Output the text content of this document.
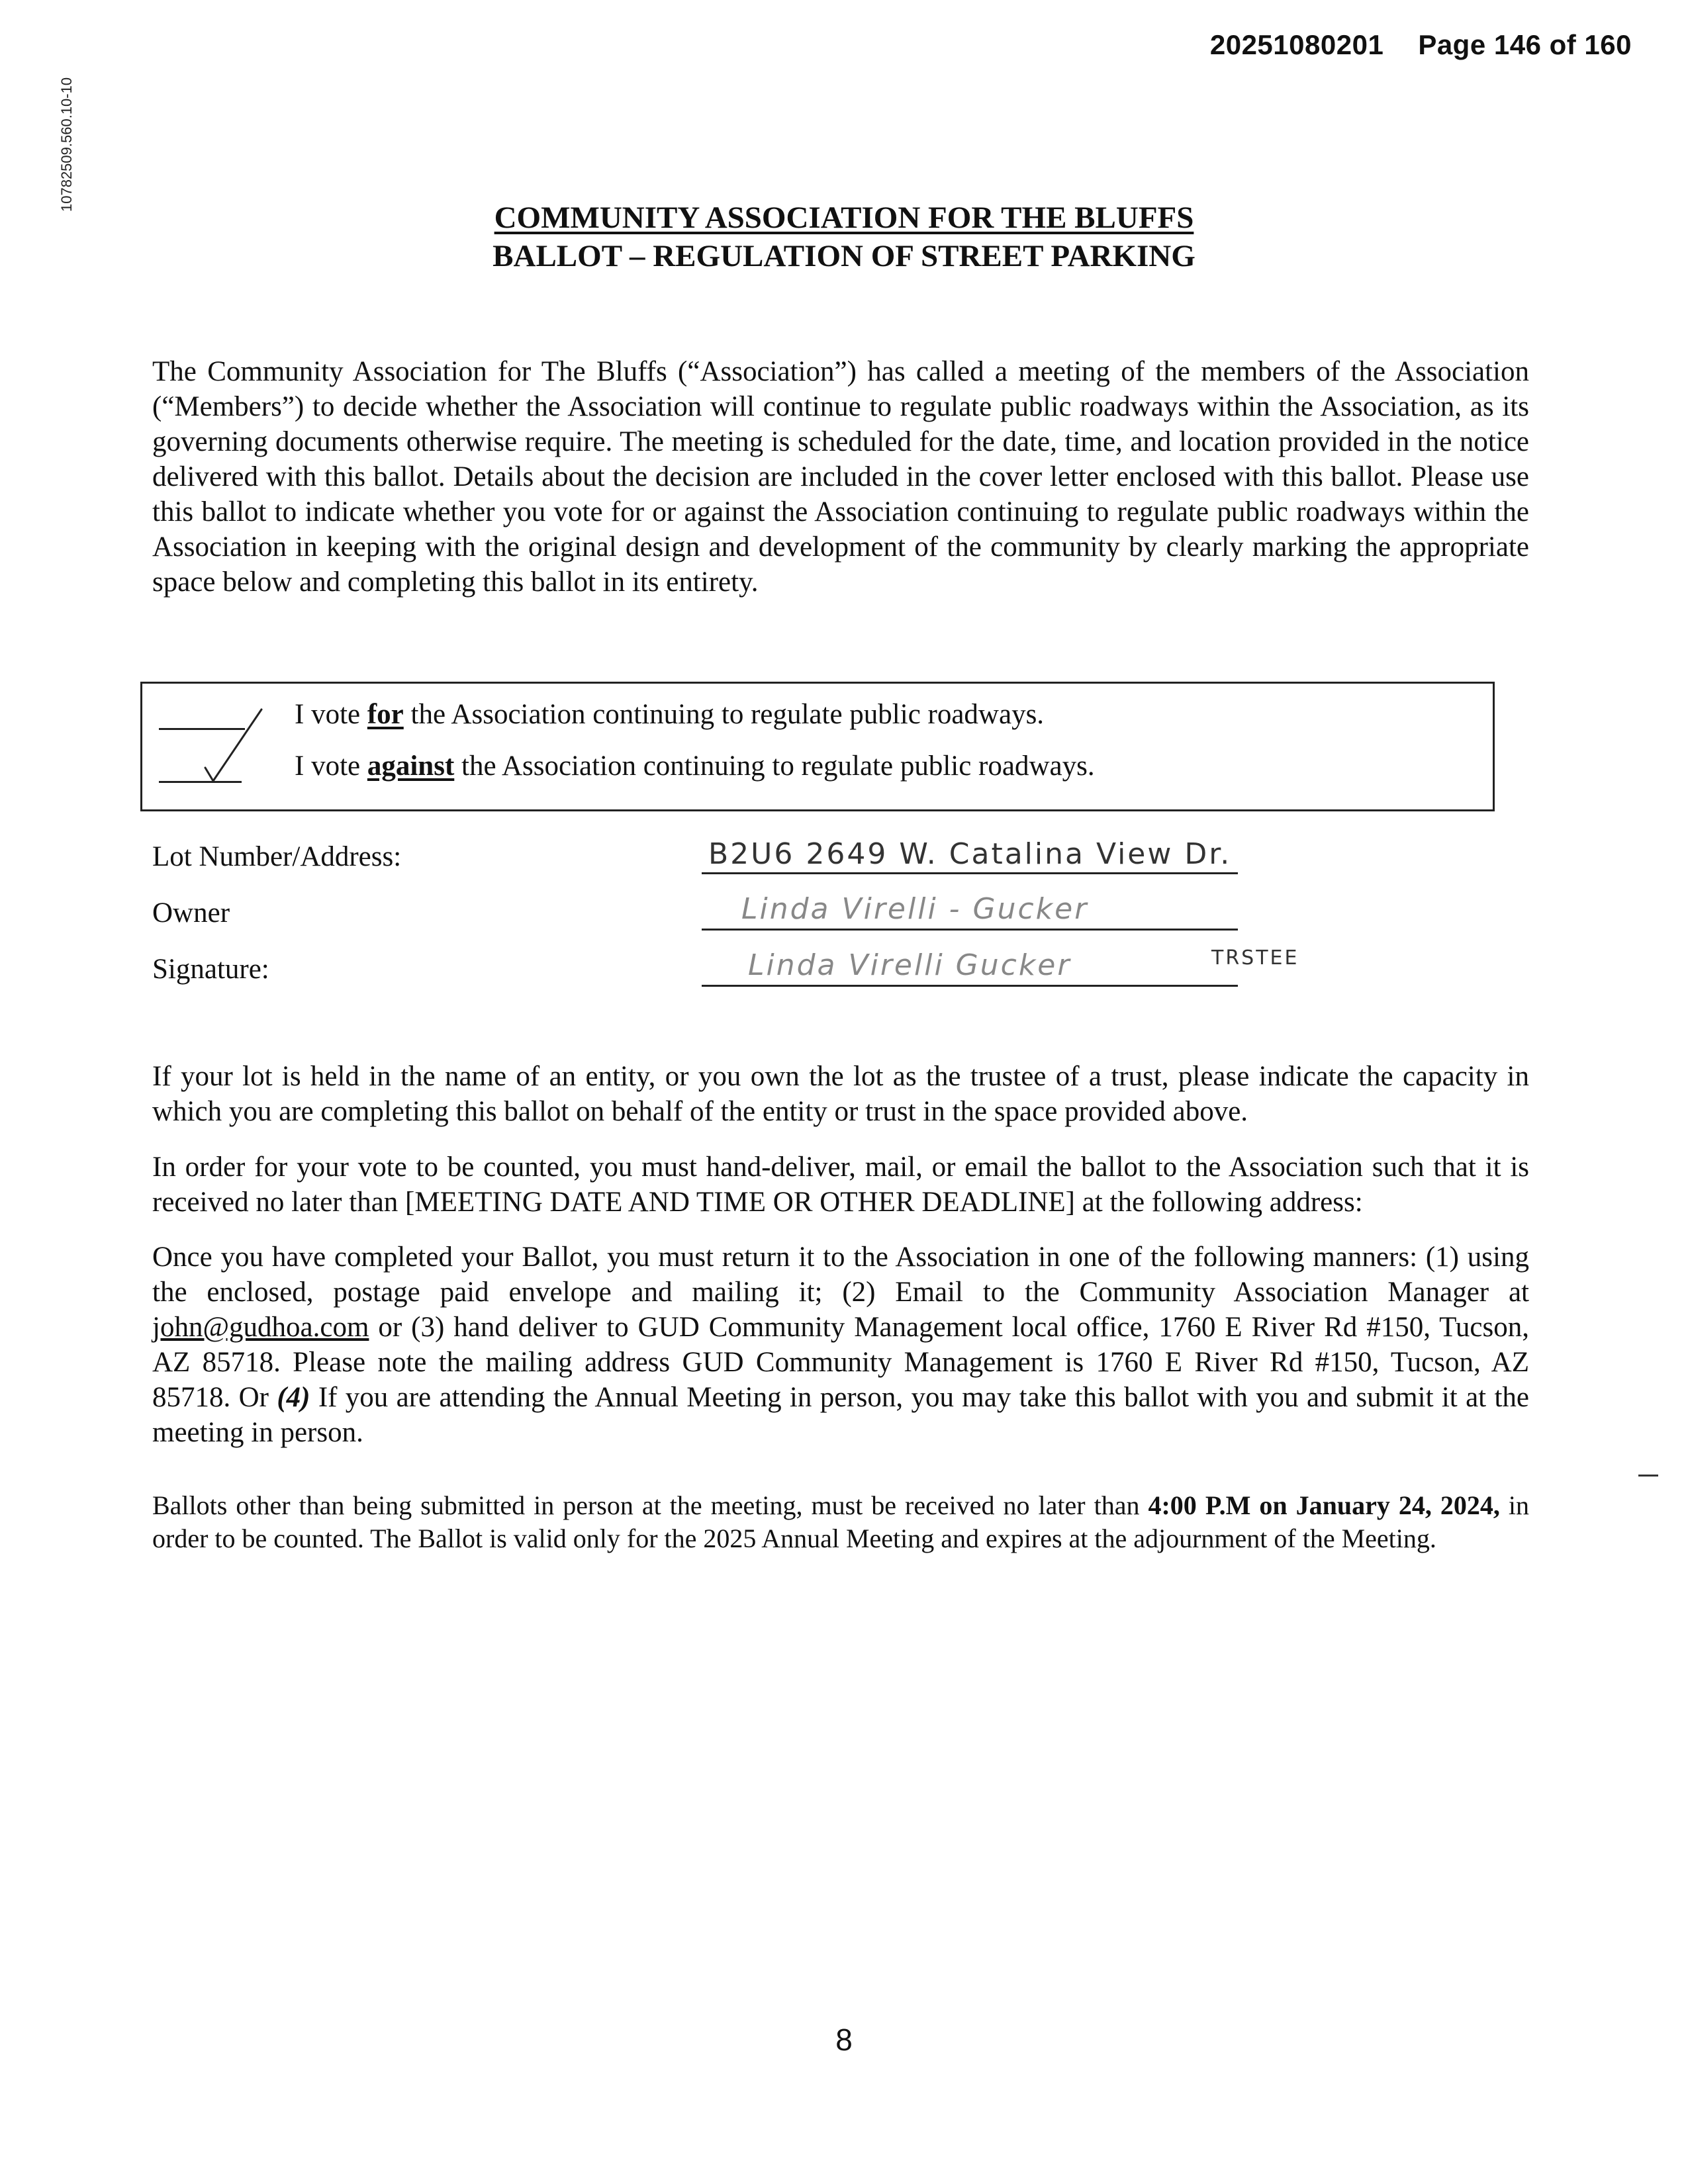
10782509.560.10-10
20251080201 Page 146 of 160
COMMUNITY ASSOCIATION FOR THE BLUFFS
BALLOT – REGULATION OF STREET PARKING
The Community Association for The Bluffs (“Association”) has called a meeting of the members of the Association (“Members”) to decide whether the Association will continue to regulate public roadways within the Association, as its governing documents otherwise require. The meeting is scheduled for the date, time, and location provided in the notice delivered with this ballot. Details about the decision are included in the cover letter enclosed with this ballot. Please use this ballot to indicate whether you vote for or against the Association continuing to regulate public roadways within the Association in keeping with the original design and development of the community by clearly marking the appropriate space below and completing this ballot in its entirety.
I vote for the Association continuing to regulate public roadways.
I vote against the Association continuing to regulate public roadways.
Lot Number/Address:	B2U6 2649 W. Catalina View Dr.
Owner	Linda Virelli - Gucker
Signature:	Linda Virelli Gucker	TRSTEE
If your lot is held in the name of an entity, or you own the lot as the trustee of a trust, please indicate the capacity in which you are completing this ballot on behalf of the entity or trust in the space provided above.
In order for your vote to be counted, you must hand-deliver, mail, or email the ballot to the Association such that it is received no later than [MEETING DATE AND TIME OR OTHER DEADLINE] at the following address:
Once you have completed your Ballot, you must return it to the Association in one of the following manners: (1) using the enclosed, postage paid envelope and mailing it; (2) Email to the Community Association Manager at john@gudhoa.com or (3) hand deliver to GUD Community Management local office, 1760 E River Rd #150, Tucson, AZ 85718. Please note the mailing address GUD Community Management is 1760 E River Rd #150, Tucson, AZ 85718. Or (4) If you are attending the Annual Meeting in person, you may take this ballot with you and submit it at the meeting in person.
Ballots other than being submitted in person at the meeting, must be received no later than 4:00 P.M on January 24, 2024, in order to be counted. The Ballot is valid only for the 2025 Annual Meeting and expires at the adjournment of the Meeting.
8
